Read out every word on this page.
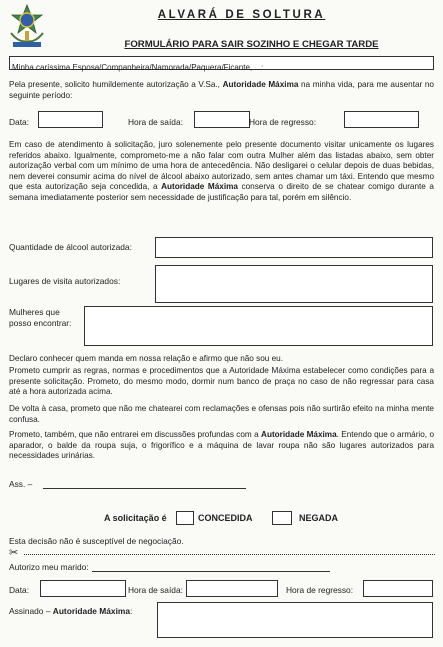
ALVARÁ DE SOLTURA
FORMULÁRIO PARA SAIR SOZINHO E CHEGAR TARDE
Minha caríssima Esposa/Companheira/Namorada/Paquera/Ficante,....:
Pela presente, solicito humildemente autorização a V.Sa., Autoridade Máxima na minha vida, para me ausentar no seguinte período:
Data:	Hora de saída:	Hora de regresso:
Em caso de atendimento à solicitação, juro solenemente pelo presente documento visitar unicamente os lugares referidos abaixo. Igualmente, comprometo-me a não falar com outra Mulher além das listadas abaixo, sem obter autorização verbal com um mínimo de uma hora de antecedência. Não desligarei o celular depois de duas bebidas, nem deverei consumir acima do nível de álcool abaixo autorizado, sem antes chamar um táxi. Entendo que mesmo que esta autorização seja concedida, a Autoridade Máxima conserva o direito de se chatear comigo durante a semana imediatamente posterior sem necessidade de justificação para tal, porém em silêncio.
Quantidade de álcool autorizada:
Lugares de visita autorizados:
Mulheres que posso encontrar:
Declaro conhecer quem manda em nossa relação e afirmo que não sou eu.
Prometo cumprir as regras, normas e procedimentos que a Autoridade Máxima estabelecer como condições para a presente solicitação. Prometo, do mesmo modo, dormir num banco de praça no caso de não regressar para casa até a hora autorizada acima.
De volta à casa, prometo que não me chatearei com reclamações e ofensas pois não surtirão efeito na minha mente confusa.
Prometo, também, que não entrarei em discussões profundas com a Autoridade Máxima. Entendo que o armário, o aparador, o balde da roupa suja, o frigorífico e a máquina de lavar roupa não são lugares autorizados para necessidades urinárias.
Ass. –
A solicitação é	CONCEDIDA	NEGADA
Esta decisão não é susceptível de negociação.
✂
Autorizo meu marido:
Data:	Hora de saída:	Hora de regresso:
Assinado – Autoridade Máxima:
